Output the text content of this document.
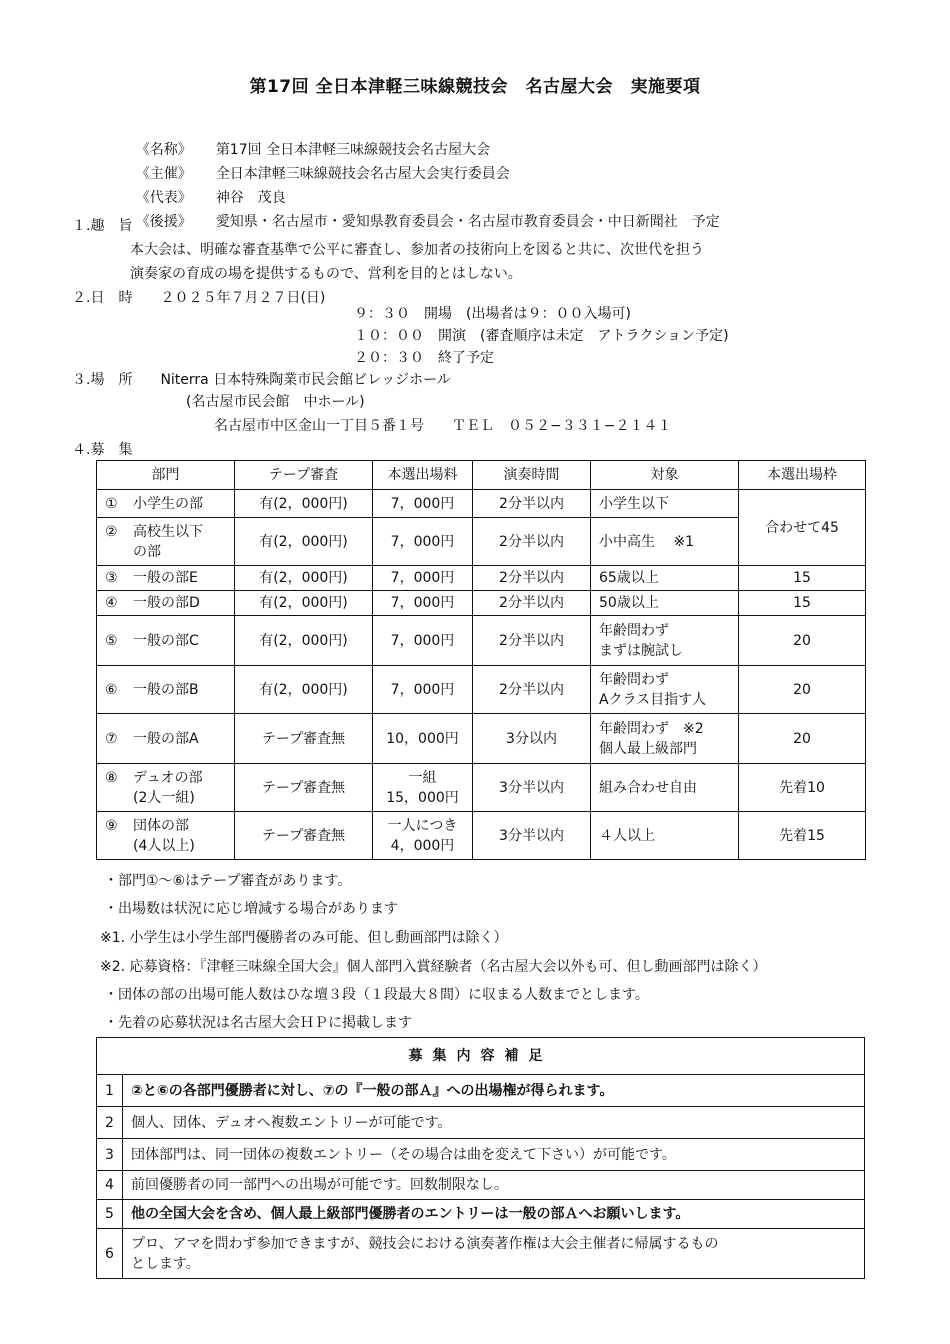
第17回 全日本津軽三味線競技会　名古屋大会　実施要項

《名称》 第17回 全日本津軽三味線競技会名古屋大会

《主催》 全日本津軽三味線競技会名古屋大会実行委員会

《代表》 神谷　茂良

《後援》 愛知県・名古屋市・愛知県教育委員会・名古屋市教育委員会・中日新聞社　予定

１.趣　旨
本大会は、明確な審査基準で公平に審査し、参加者の技術向上を図ると共に、次世代を担う
演奏家の育成の場を提供するもので、営利を目的とはしない。
２.日　時　　２０２５年７月２７日(日)
９：３０　開場　(出場者は９：００入場可)
１０：００　開演　(審査順序は未定　アトラクション予定)
２０：３０　終了予定
３.場　所　　Niterra 日本特殊陶業市民会館ビレッジホール
(名古屋市民会館　中ホール)
名古屋市中区金山一丁目５番１号　　ＴＥＬ　０５２−３３１−２１４１
４.募　集
部門	テープ審査	本選出場料	演奏時間	対象	本選出場枠
① 小学生の部	有(2，000円)	7，000円	2分半以内	小学生以下	合わせて45
② 高校生以下
の部	有(2，000円)	7，000円	2分半以内	小中高生　 ※1	
③ 一般の部E	有(2，000円)	7，000円	2分半以内	65歳以上	15
④ 一般の部D	有(2，000円)	7，000円	2分半以内	50歳以上	15
⑤ 一般の部C	有(2，000円)	7，000円	2分半以内	年齢問わず
まずは腕試し	20
⑥ 一般の部B	有(2，000円)	7，000円	2分半以内	年齢問わず
Aクラス目指す人	20
⑦ 一般の部A	テープ審査無	10，000円	3分以内	年齢問わず　※2
個人最上級部門	20
⑧ デュオの部
(2人一組)	テープ審査無	一組
15，000円	3分半以内	組み合わせ自由	先着10
⑨ 団体の部
(4人以上)	テープ審査無	一人につき
4，000円	3分半以内	４人以上	先着15
・部門①〜⑥はテープ審査があります。
・出場数は状況に応じ増減する場合があります
※1. 小学生は小学生部門優勝者のみ可能、但し動画部門は除く）
※2. 応募資格：『津軽三味線全国大会』個人部門入賞経験者（名古屋大会以外も可、但し動画部門は除く）
・団体の部の出場可能人数はひな壇３段（１段最大８間）に収まる人数までとします。
・先着の応募状況は名古屋大会ＨＰに掲載します
募集内容補足	
1	②と⑥の各部門優勝者に対し、⑦の『一般の部Ａ』への出場権が得られます。
2	個人、団体、デュオへ複数エントリーが可能です。
3	団体部門は、同一団体の複数エントリー（その場合は曲を変えて下さい）が可能です。
4	前回優勝者の同一部門への出場が可能です。回数制限なし。
5	他の全国大会を含め、個人最上級部門優勝者のエントリーは一般の部Ａへお願いします。
6	プロ、アマを問わず参加できますが、競技会における演奏著作権は大会主催者に帰属するもの
とします。
